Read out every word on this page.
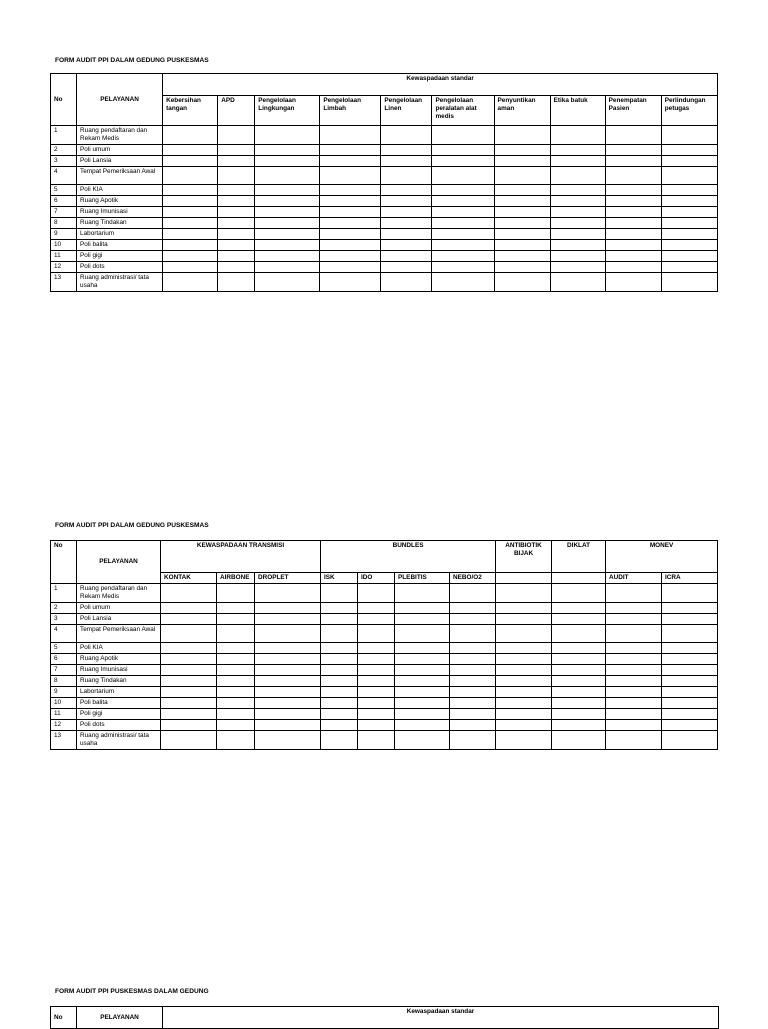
FORM AUDIT PPI DALAM GEDUNG PUSKESMAS
No	PELAYANAN	Kewaspadaan standar									
		Kebersihan tangan	APD	Pengelolaan Lingkungan	Pengelolaan Limbah	Pengelolaan Linen	Pengelolaan peralatan alat medis	Penyuntikan aman	Etika batuk	Penempatan Pasien	Perlindungan petugas
1	Ruang pendaftaran dan Rekam Medis										
2	Poli umum										
3	Poli Lansia										
4	Tempat Pemeriksaan Awal										
5	Poli KIA										
6	Ruang Apotik										
7	Ruang Imunisasi										
8	Ruang Tindakan										
9	Labortarium										
10	Poli balita										
11	Poli gigi										
12	Poli dots										
13	Ruang administrasi/ tata usaha										
FORM AUDIT PPI DALAM GEDUNG PUSKESMAS
No	PELAYANAN	KEWASPADAAN TRANSMISI			BUNDLES				ANTIBIOTIK BIJAK	DIKLAT	MONEV	
		KONTAK	AIRBONE	DROPLET	ISK	IDO	PLEBITIS	NEBO/O2			AUDIT	ICRA
1	Ruang pendaftaran dan Rekam Medis											
2	Poli umum											
3	Poli Lansia											
4	Tempat Pemeriksaan Awal											
5	Poli KIA											
6	Ruang Apotik											
7	Ruang Imunisasi											
8	Ruang Tindakan											
9	Labortarium											
10	Poli balita											
11	Poli gigi											
12	Poli dots											
13	Ruang administrasi/ tata usaha											
FORM AUDIT PPI PUSKESMAS DALAM GEDUNG
No	PELAYANAN	Kewaspadaan standar
